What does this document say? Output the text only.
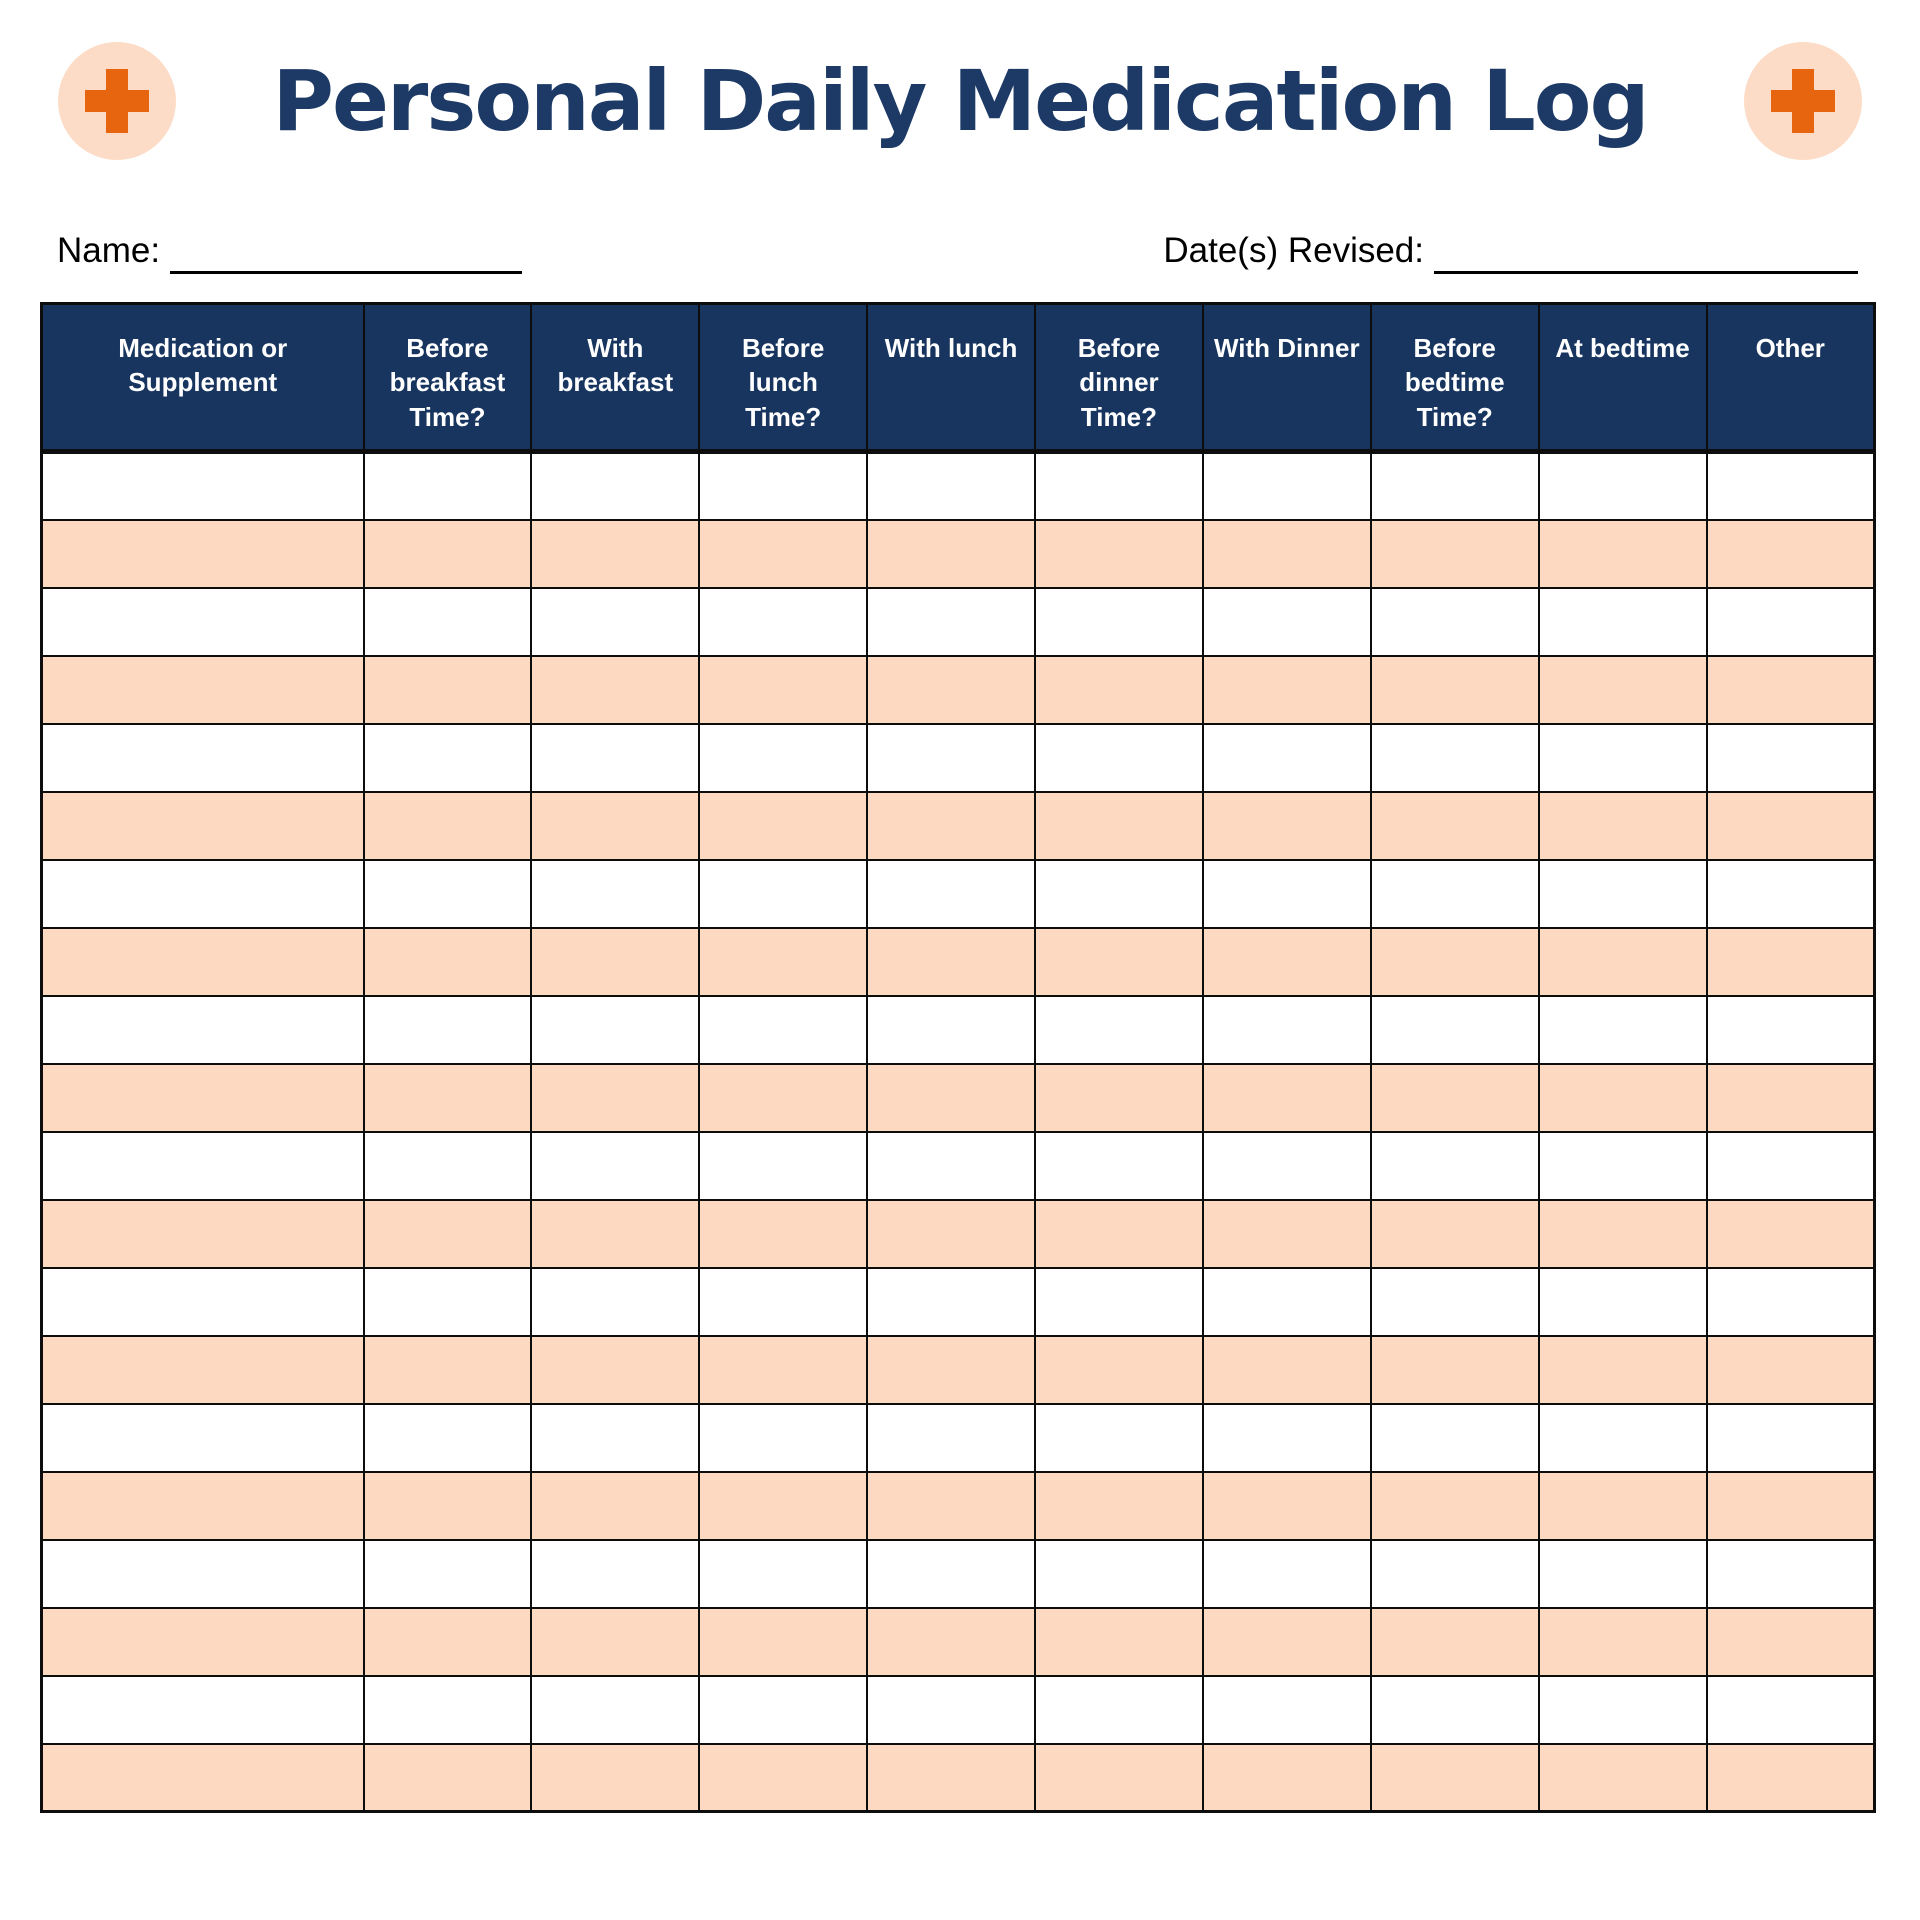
Personal Daily Medication Log
Name:	Date(s) Revised:
Medication or Supplement	Before breakfast Time?	With breakfast	Before lunch Time?	With lunch	Before dinner Time?	With Dinner	Before bedtime Time?	At bedtime	Other
